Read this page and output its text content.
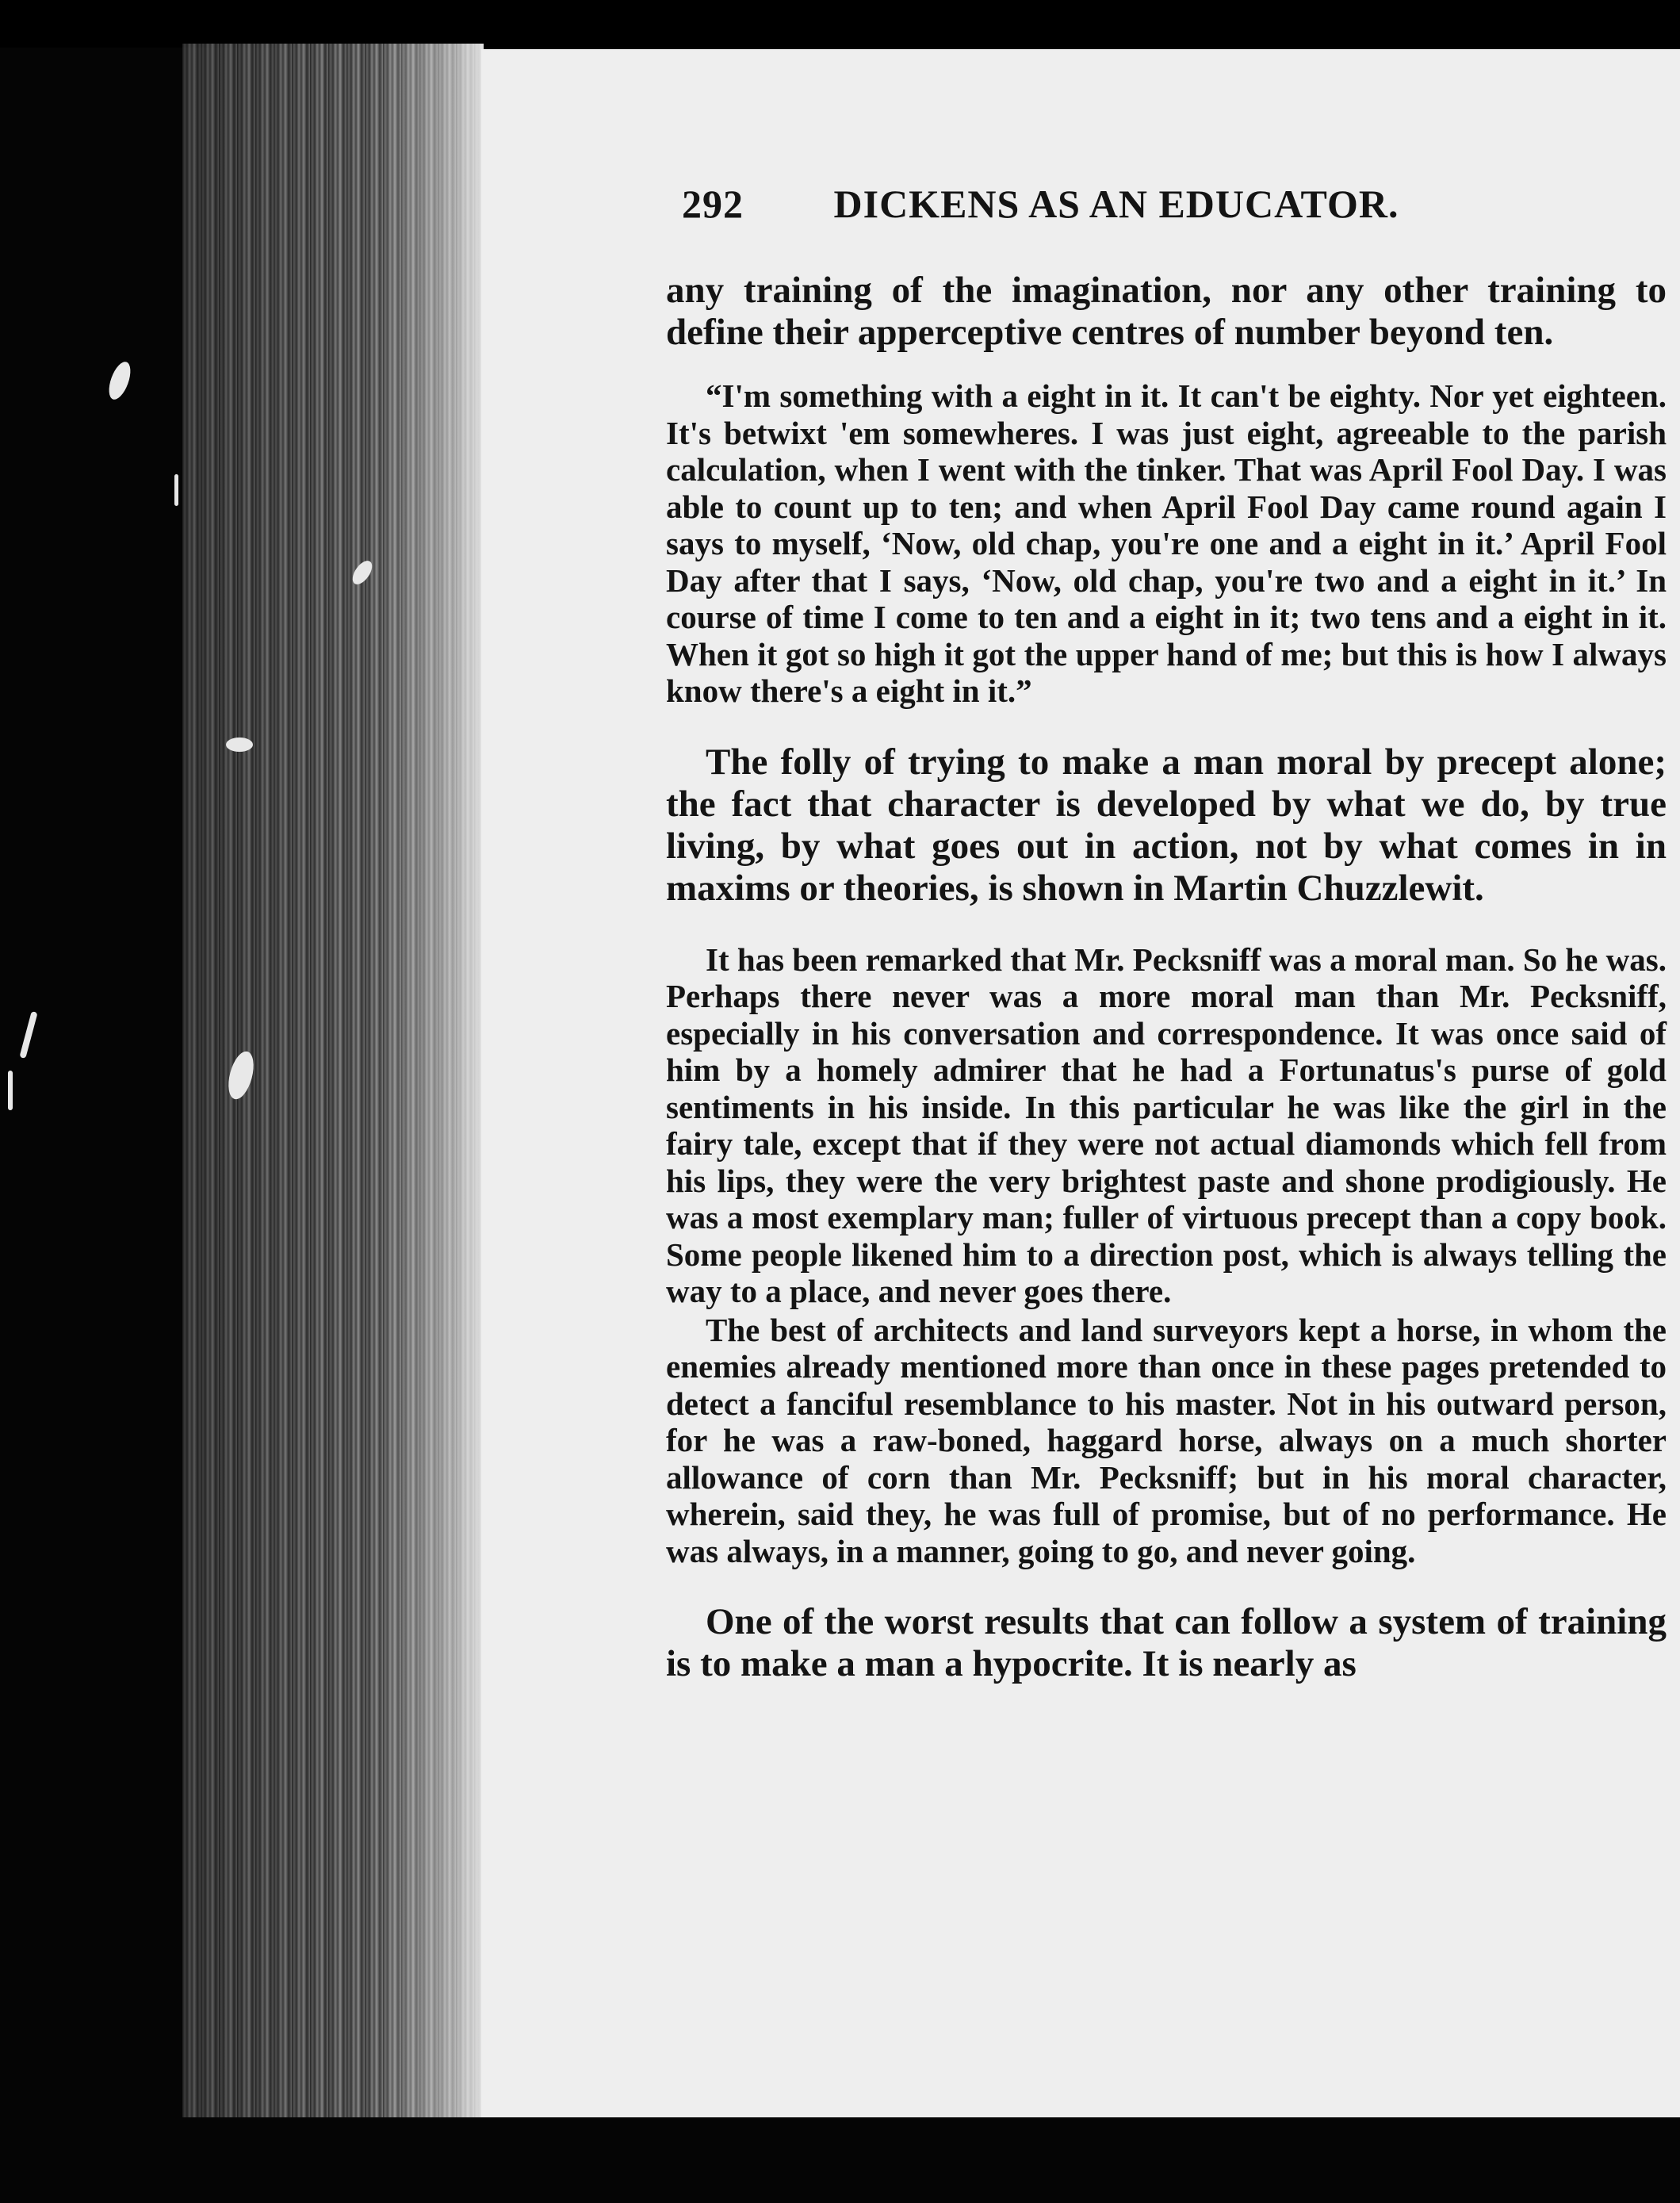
292 DICKENS AS AN EDUCATOR.

any training of the imagination, nor any other training to define their apperceptive centres of number beyond ten.

“I'm something with a eight in it. It can't be eighty. Nor yet eighteen. It's betwixt 'em somewheres. I was just eight, agreeable to the parish calculation, when I went with the tinker. That was April Fool Day. I was able to count up to ten; and when April Fool Day came round again I says to myself, ‘Now, old chap, you're one and a eight in it.’ April Fool Day after that I says, ‘Now, old chap, you're two and a eight in it.’ In course of time I come to ten and a eight in it; two tens and a eight in it. When it got so high it got the upper hand of me; but this is how I always know there's a eight in it.”

The folly of trying to make a man moral by precept alone; the fact that character is developed by what we do, by true living, by what goes out in action, not by what comes in in maxims or theories, is shown in Martin Chuzzlewit.

It has been remarked that Mr. Pecksniff was a moral man. So he was. Perhaps there never was a more moral man than Mr. Pecksniff, especially in his conversation and correspondence. It was once said of him by a homely admirer that he had a Fortunatus's purse of gold sentiments in his inside. In this particular he was like the girl in the fairy tale, except that if they were not actual diamonds which fell from his lips, they were the very brightest paste and shone prodigiously. He was a most exemplary man; fuller of virtuous precept than a copy book. Some people likened him to a direction post, which is always telling the way to a place, and never goes there.

The best of architects and land surveyors kept a horse, in whom the enemies already mentioned more than once in these pages pretended to detect a fanciful resemblance to his master. Not in his outward person, for he was a raw-boned, haggard horse, always on a much shorter allowance of corn than Mr. Pecksniff; but in his moral character, wherein, said they, he was full of promise, but of no performance. He was always, in a manner, going to go, and never going.

One of the worst results that can follow a system of training is to make a man a hypocrite. It is nearly as
